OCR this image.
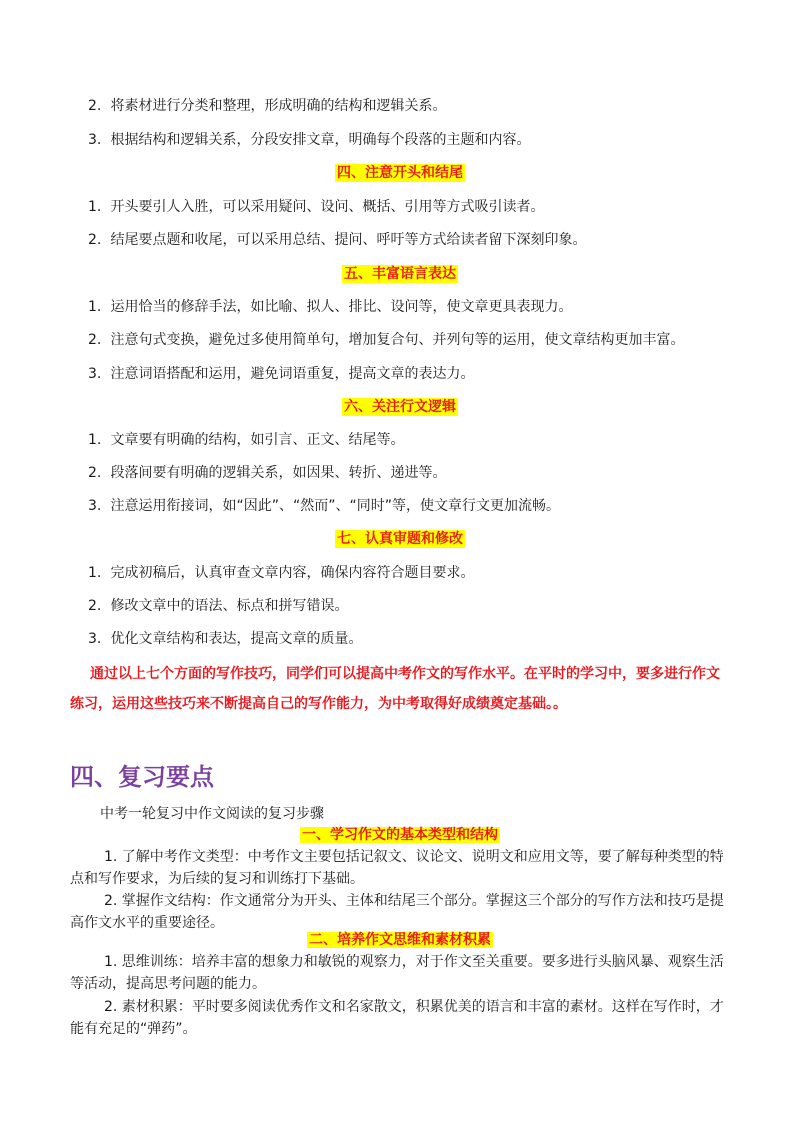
2. 将素材进行分类和整理，形成明确的结构和逻辑关系。
3. 根据结构和逻辑关系，分段安排文章，明确每个段落的主题和内容。
四、注意开头和结尾
1. 开头要引人入胜，可以采用疑问、设问、概括、引用等方式吸引读者。
2. 结尾要点题和收尾，可以采用总结、提问、呼吁等方式给读者留下深刻印象。
五、丰富语言表达
1. 运用恰当的修辞手法，如比喻、拟人、排比、设问等，使文章更具表现力。
2. 注意句式变换，避免过多使用简单句，增加复合句、并列句等的运用，使文章结构更加丰富。
3. 注意词语搭配和运用，避免词语重复，提高文章的表达力。
六、关注行文逻辑
1. 文章要有明确的结构，如引言、正文、结尾等。
2. 段落间要有明确的逻辑关系，如因果、转折、递进等。
3. 注意运用衔接词，如“因此”、“然而”、“同时”等，使文章行文更加流畅。
七、认真审题和修改
1. 完成初稿后，认真审查文章内容，确保内容符合题目要求。
2. 修改文章中的语法、标点和拼写错误。
3. 优化文章结构和表达，提高文章的质量。
通过以上七个方面的写作技巧，同学们可以提高中考作文的写作水平。在平时的学习中，要多进行作文练习，运用这些技巧来不断提高自己的写作能力，为中考取得好成绩奠定基础。。
四、复习要点
中考一轮复习中作文阅读的复习步骤
一、学习作文的基本类型和结构
1. 了解中考作文类型：中考作文主要包括记叙文、议论文、说明文和应用文等，要了解每种类型的特点和写作要求，为后续的复习和训练打下基础。
2. 掌握作文结构：作文通常分为开头、主体和结尾三个部分。掌握这三个部分的写作方法和技巧是提高作文水平的重要途径。
二、培养作文思维和素材积累
1. 思维训练：培养丰富的想象力和敏锐的观察力，对于作文至关重要。要多进行头脑风暴、观察生活等活动，提高思考问题的能力。
2. 素材积累：平时要多阅读优秀作文和名家散文，积累优美的语言和丰富的素材。这样在写作时，才能有充足的“弹药”。
